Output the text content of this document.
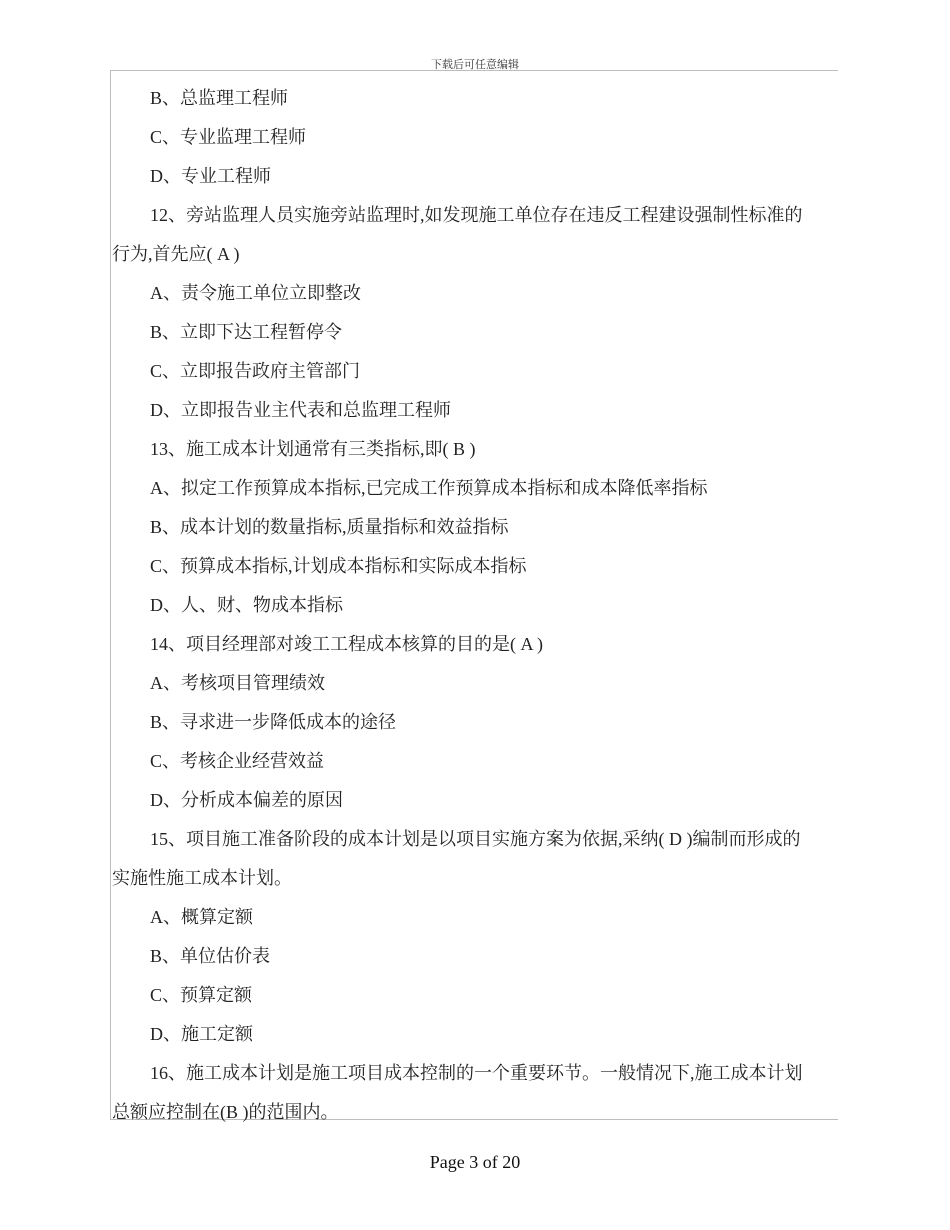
下载后可任意编辑
B、总监理工程师
C、专业监理工程师
D、专业工程师
12、旁站监理人员实施旁站监理时,如发现施工单位存在违反工程建设强制性标准的
行为,首先应( A )
A、责令施工单位立即整改
B、立即下达工程暂停令
C、立即报告政府主管部门
D、立即报告业主代表和总监理工程师
13、施工成本计划通常有三类指标,即( B )
A、拟定工作预算成本指标,已完成工作预算成本指标和成本降低率指标
B、成本计划的数量指标,质量指标和效益指标
C、预算成本指标,计划成本指标和实际成本指标
D、人、财、物成本指标
14、项目经理部对竣工工程成本核算的目的是( A )
A、考核项目管理绩效
B、寻求进一步降低成本的途径
C、考核企业经营效益
D、分析成本偏差的原因
15、项目施工准备阶段的成本计划是以项目实施方案为依据,采纳( D )编制而形成的
实施性施工成本计划。
A、概算定额
B、单位估价表
C、预算定额
D、施工定额
16、施工成本计划是施工项目成本控制的一个重要环节。一般情况下,施工成本计划
总额应控制在(B )的范围内。
Page 3 of 20
